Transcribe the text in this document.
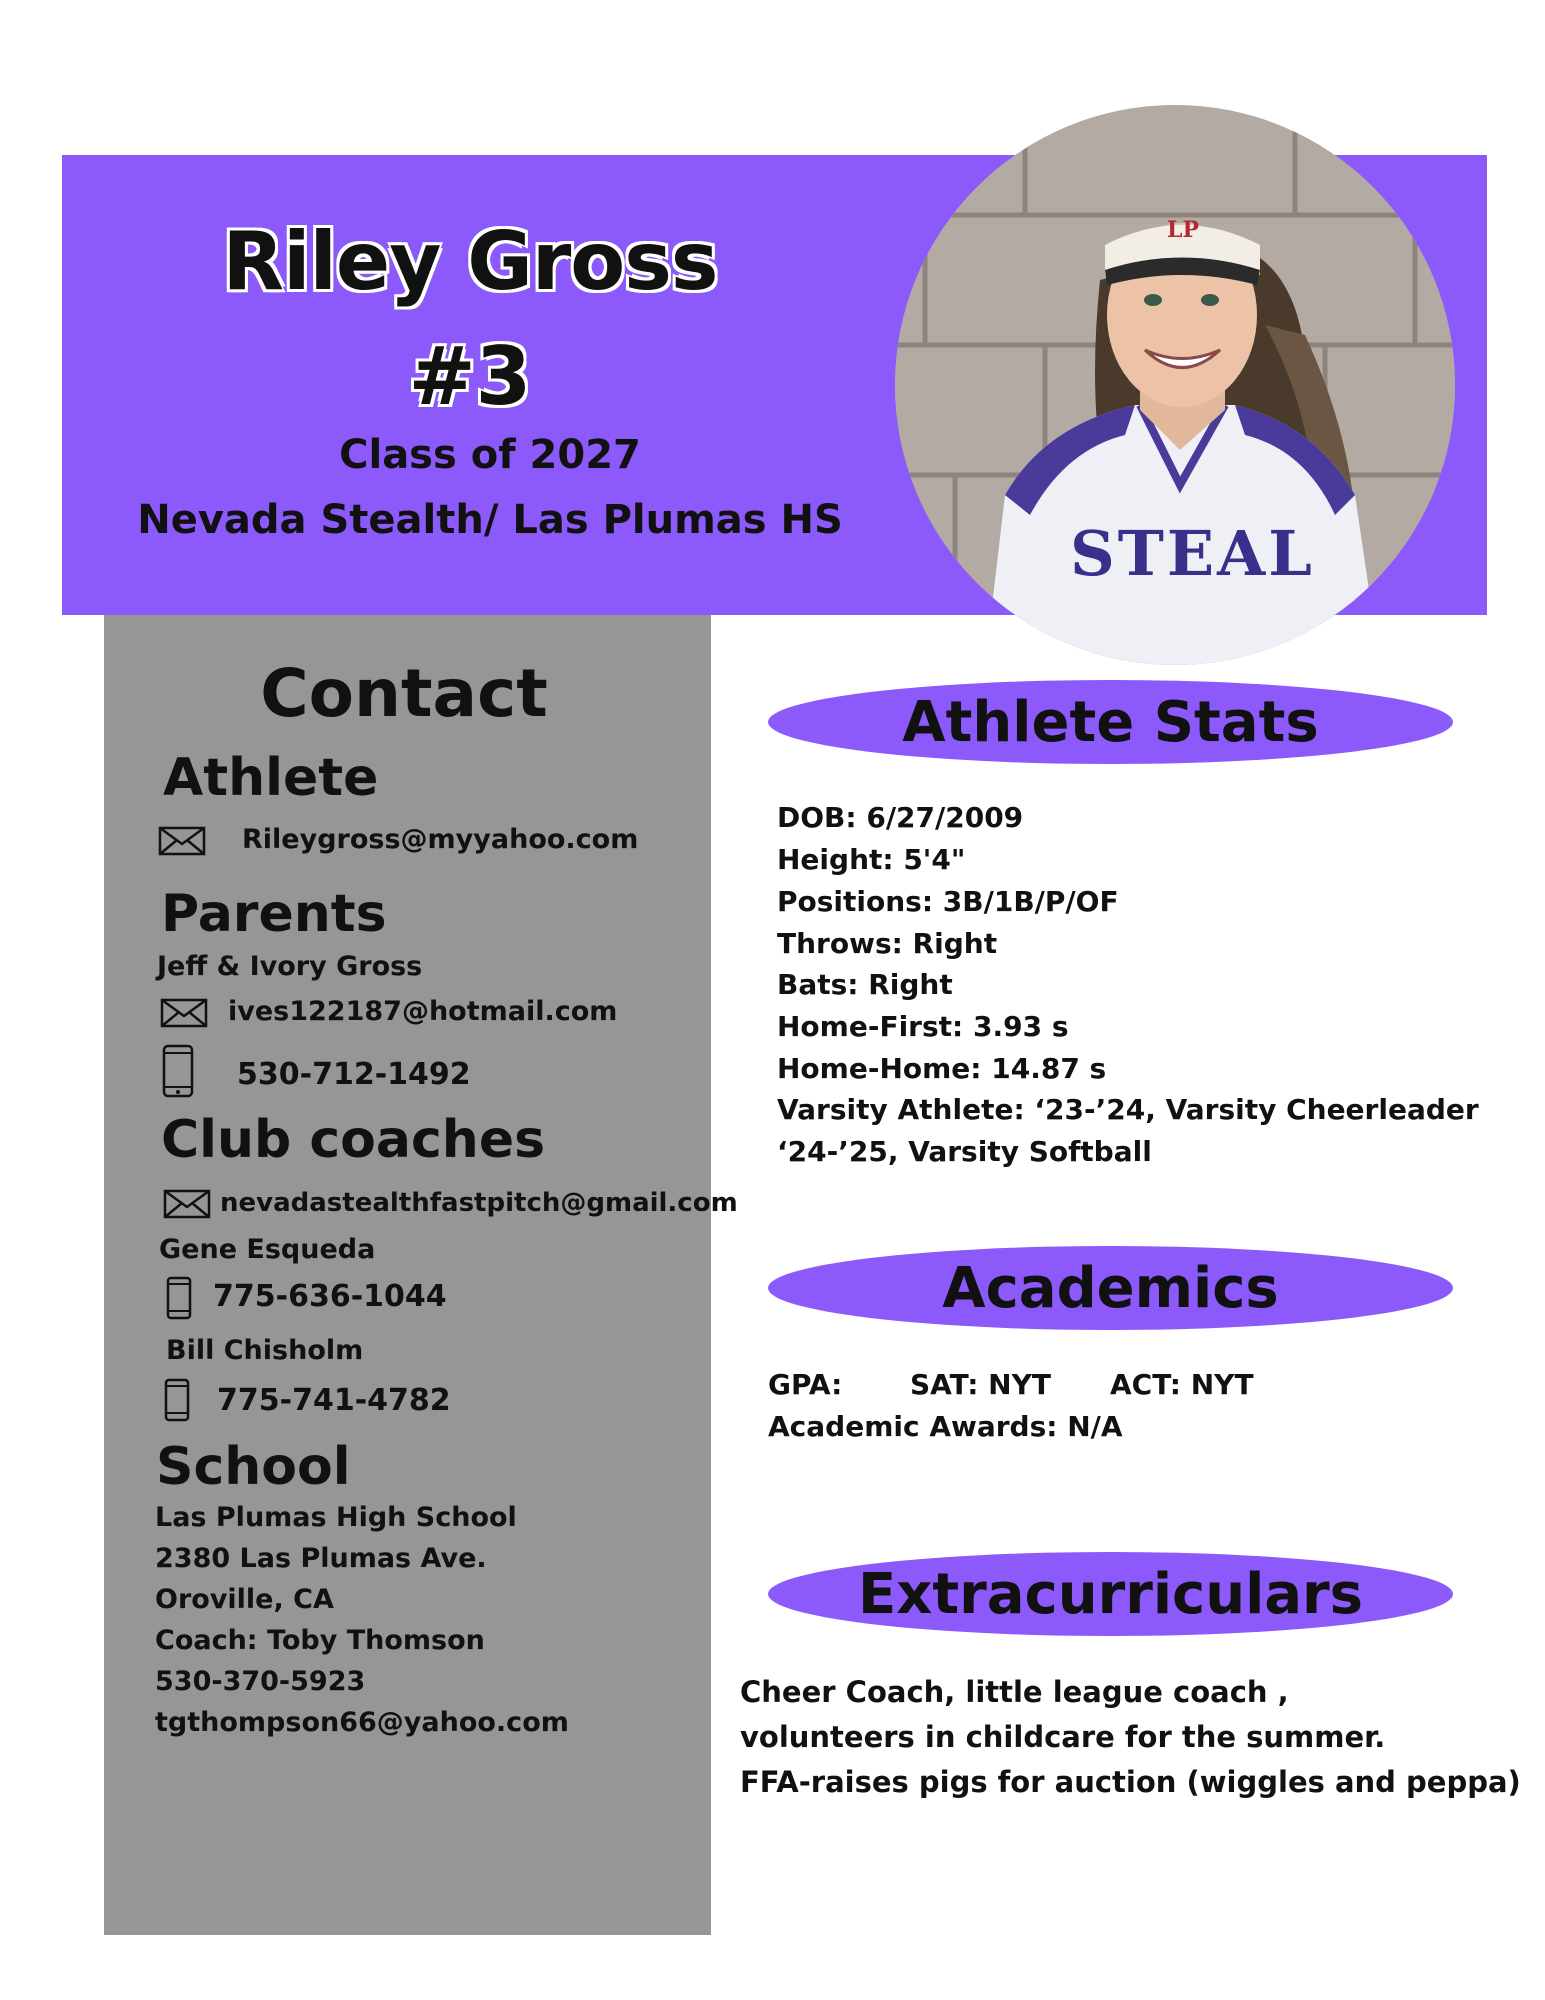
Riley Gross
#3
Class of 2027
Nevada Stealth/ Las Plumas HS	STEAL
LP
Contact
Athlete
Rileygross@myyahoo.com
Parents
Jeff & Ivory Gross
ives122187@hotmail.com
530-712-1492
Club coaches
nevadastealthfastpitch@gmail.com
Gene Esqueda
775-636-1044
Bill Chisholm
775-741-4782
School
Las Plumas High School
2380 Las Plumas Ave.
Oroville, CA
Coach: Toby Thomson
530-370-5923
tgthompson66@yahoo.com
Athlete Stats
DOB: 6/27/2009
Height: 5'4"
Positions: 3B/1B/P/OF
Throws: Right
Bats: Right
Home-First: 3.93 s
Home-Home: 14.87 s
Varsity Athlete: ‘23-’24, Varsity Cheerleader
‘24-’25, Varsity Softball
Academics
GPA: SAT: NYT ACT: NYT
Academic Awards: N/A
Extracurriculars
Cheer Coach, little league coach ,
volunteers in childcare for the summer.
FFA-raises pigs for auction (wiggles and peppa)
